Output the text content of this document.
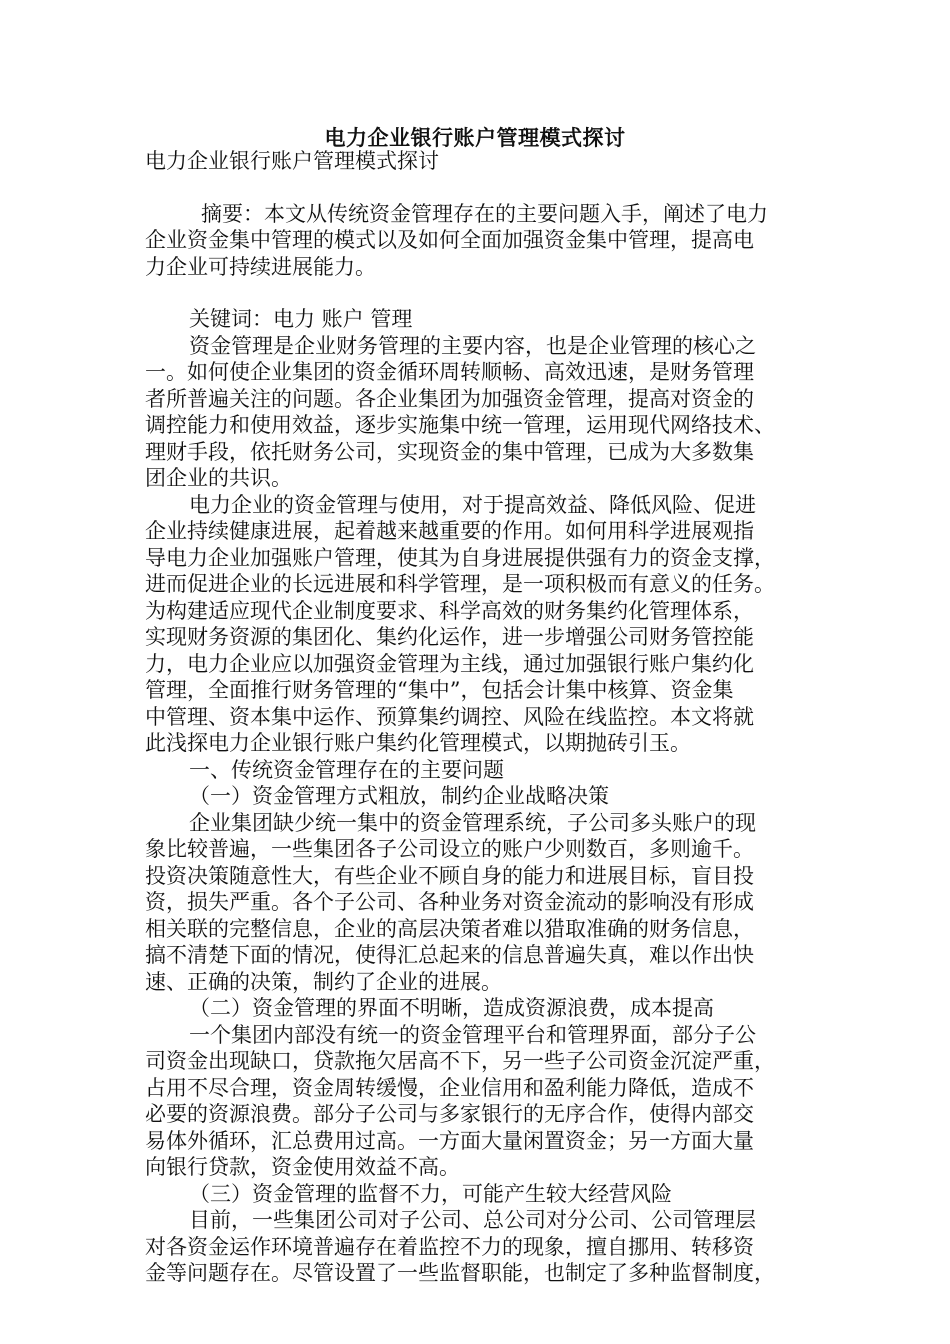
电力企业银行账户管理模式探讨

电力企业银行账户管理模式探讨

摘要：本文从传统资金管理存在的主要问题入手，阐述了电力

企业资金集中管理的模式以及如何全面加强资金集中管理，提高电

力企业可持续进展能力。

关键词：电力 账户 管理

资金管理是企业财务管理的主要内容，也是企业管理的核心之

一。如何使企业集团的资金循环周转顺畅、高效迅速，是财务管理

者所普遍关注的问题。各企业集团为加强资金管理，提高对资金的

调控能力和使用效益，逐步实施集中统一管理，运用现代网络技术、

理财手段，依托财务公司，实现资金的集中管理，已成为大多数集

团企业的共识。

电力企业的资金管理与使用，对于提高效益、降低风险、促进

企业持续健康进展，起着越来越重要的作用。如何用科学进展观指

导电力企业加强账户管理，使其为自身进展提供强有力的资金支撑，

进而促进企业的长远进展和科学管理，是一项积极而有意义的任务。

为构建适应现代企业制度要求、科学高效的财务集约化管理体系，

实现财务资源的集团化、集约化运作，进一步增强公司财务管控能

力，电力企业应以加强资金管理为主线，通过加强银行账户集约化

管理，全面推行财务管理的“集中”，包括会计集中核算、资金集

中管理、资本集中运作、预算集约调控、风险在线监控。本文将就

此浅探电力企业银行账户集约化管理模式，以期抛砖引玉。

一、传统资金管理存在的主要问题

（一）资金管理方式粗放，制约企业战略决策

企业集团缺少统一集中的资金管理系统，子公司多头账户的现

象比较普遍，一些集团各子公司设立的账户少则数百，多则逾千。

投资决策随意性大，有些企业不顾自身的能力和进展目标，盲目投

资，损失严重。各个子公司、各种业务对资金流动的影响没有形成

相关联的完整信息，企业的高层决策者难以猎取准确的财务信息，

搞不清楚下面的情况，使得汇总起来的信息普遍失真，难以作出快

速、正确的决策，制约了企业的进展。

（二）资金管理的界面不明晰，造成资源浪费，成本提高

一个集团内部没有统一的资金管理平台和管理界面，部分子公

司资金出现缺口，贷款拖欠居高不下，另一些子公司资金沉淀严重，

占用不尽合理，资金周转缓慢，企业信用和盈利能力降低，造成不

必要的资源浪费。部分子公司与多家银行的无序合作，使得内部交

易体外循环，汇总费用过高。一方面大量闲置资金；另一方面大量

向银行贷款，资金使用效益不高。

（三）资金管理的监督不力，可能产生较大经营风险

目前，一些集团公司对子公司、总公司对分公司、公司管理层

对各资金运作环境普遍存在着监控不力的现象，擅自挪用、转移资

金等问题存在。尽管设置了一些监督职能，也制定了多种监督制度，
